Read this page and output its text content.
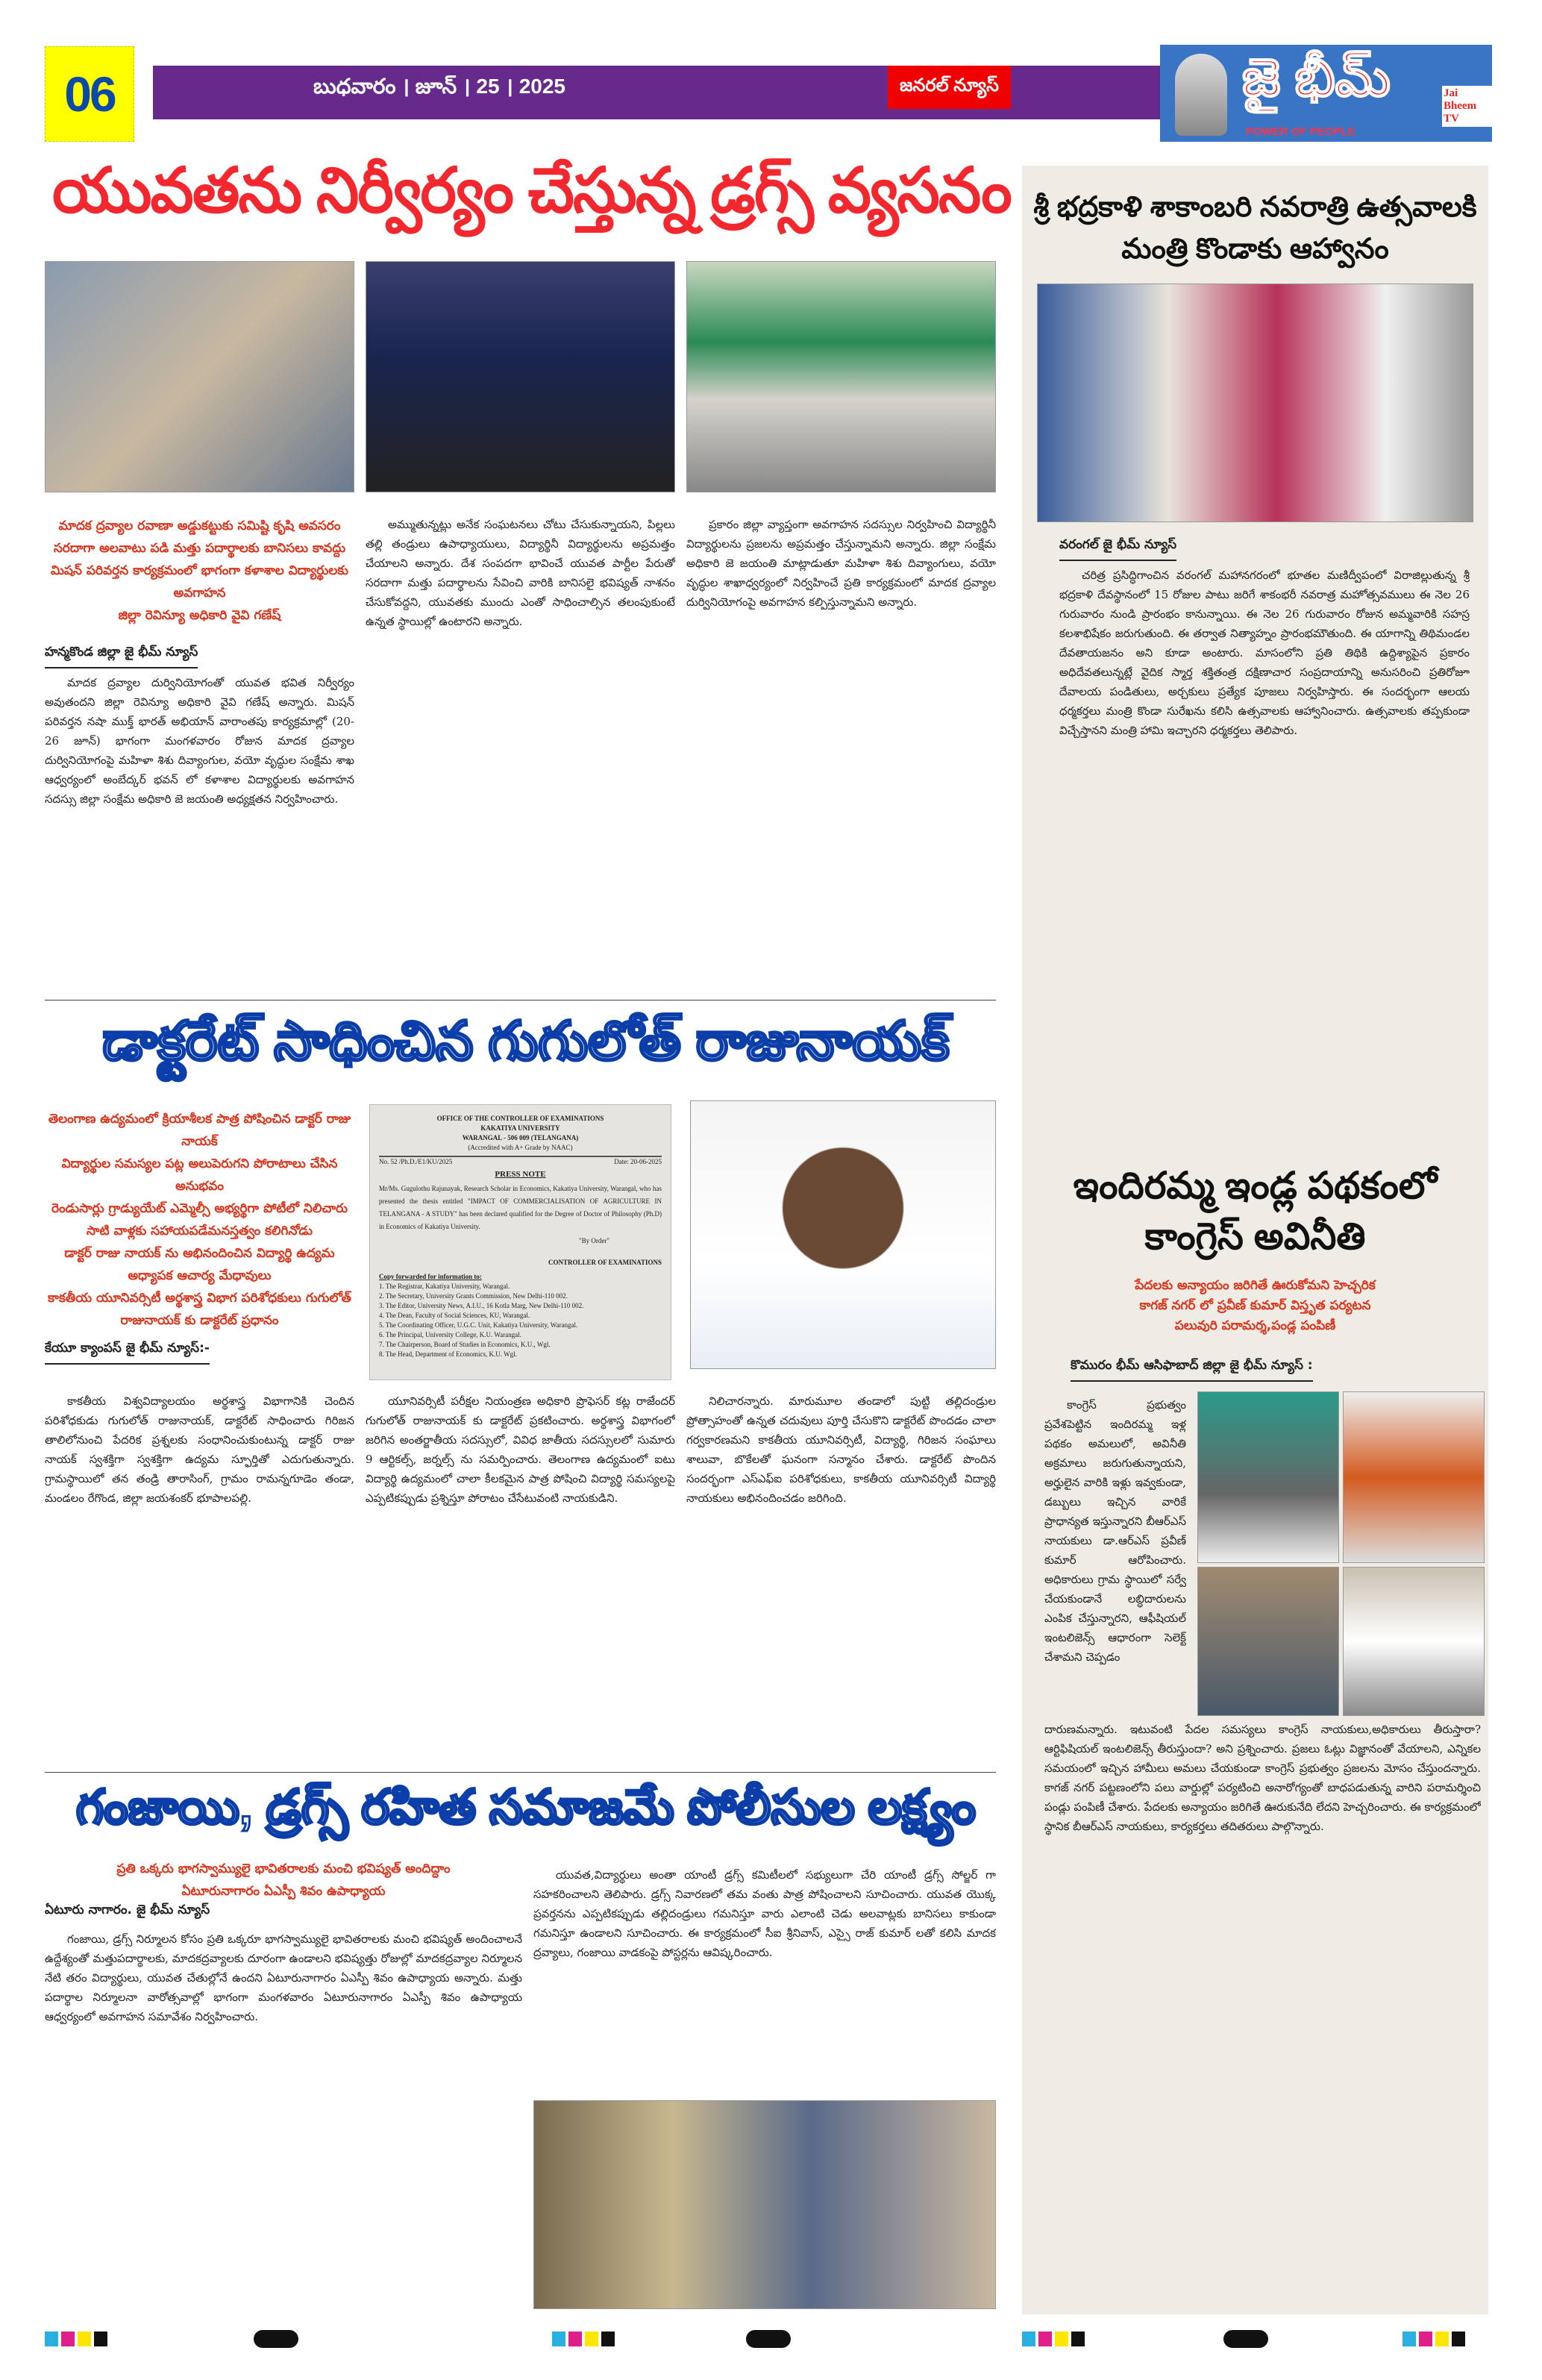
06	బుధవారం । జూన్ । 25 । 2025	జనరల్ న్యూస్	జై భీమ్
POWER OF PEOPLE
Jai Bheem TV
యువతను నిర్వీర్యం చేస్తున్న డ్రగ్స్ వ్యసనం
మాదక ద్రవ్యాల రవాణా అడ్డుకట్టుకు సమిష్టి కృషి అవసరం
సరదాగా అలవాటు పడి మత్తు పదార్థాలకు బానిసలు కావద్దు
మిషన్ పరివర్తన కార్యక్రమంలో భాగంగా కళాశాల విద్యార్థులకు అవగాహన
జిల్లా రెవిన్యూ అధికారి వైవి గణేష్
హన్మకొండ జిల్లా జై భీమ్ న్యూస్
మాదక ద్రవ్యాల దుర్వినియోగంతో యువత భవిత నిర్వీర్యం అవుతందని జిల్లా రెవిన్యూ అధికారి వైవి గణేష్ అన్నారు. మిషన్ పరివర్తన నషా ముక్త్ భారత్ అభియాన్ వారాంతపు కార్యక్రమాల్లో (20-26 జూన్) భాగంగా మంగళవారం రోజున మాదక ద్రవ్యాల దుర్వినియోగంపై మహిళా శిశు దివ్యాంగుల, వయో వృద్ధుల సంక్షేమ శాఖ ఆధ్వర్యంలో అంబేద్కర్ భవన్ లో కళాశాల విద్యార్థులకు అవగాహన సదస్సు జిల్లా సంక్షేమ అధికారి జె జయంతి అధ్యక్షతన నిర్వహించారు.
అమ్ముతున్నట్లు అనేక సంఘటనలు చోటు చేసుకున్నాయని, పిల్లలు తల్లి తండ్రులు ఉపాధ్యాయులు, విద్యార్థినీ విద్యార్థులను అప్రమత్తం చేయాలని అన్నారు. దేశ సంపదగా భావించే యువత పార్టీల పేరుతో సరదాగా మత్తు పదార్థాలను సేవించి వారికి బానిసలై భవిష్యత్ నాశనం చేసుకోవద్దని, యువతకు ముందు ఎంతో సాధించాల్సిన తలంపుకుంటే ఉన్నత స్థాయిల్లో ఉంటారని అన్నారు.
ప్రకారం జిల్లా వ్యాప్తంగా అవగాహన సదస్సుల నిర్వహించి విద్యార్థినీ విద్యార్థులను ప్రజలను అప్రమత్తం చేస్తున్నామని అన్నారు. జిల్లా సంక్షేమ అధికారి జె జయంతి మాట్లాడుతూ మహిళా శిశు దివ్యాంగులు, వయో వృద్ధుల శాఖాధ్వర్యంలో నిర్వహించే ప్రతి కార్యక్రమంలో మాదక ద్రవ్యాల దుర్వినియోగంపై అవగాహన కల్పిస్తున్నామని అన్నారు.
డాక్టరేట్ సాధించిన గుగులోత్ రాజునాయక్
తెలంగాణ ఉద్యమంలో క్రియాశీలక పాత్ర పోషించిన డాక్టర్ రాజు నాయక్
విద్యార్థుల సమస్యల పట్ల అలుపెరుగని పోరాటాలు చేసిన అనుభవం
రెండుసార్లు గ్రాడ్యుయేట్ ఎమ్మెల్సీ అభ్యర్థిగా పోటీలో నిలిచారు
సాటి వాళ్లకు సహాయపడేమనస్తత్వం కలిగినోడు
డాక్టర్ రాజు నాయక్ ను అభినందించిన విద్యార్థి ఉద్యమ అధ్యాపక ఆచార్య మేధావులు
కాకతీయ యూనివర్సిటీ అర్థశాస్త్ర విభాగ పరిశోధకులు గుగులోత్ రాజునాయక్ కు డాక్టరేట్ ప్రధానం
కేయూ క్యాంపస్ జై భీమ్ న్యూస్:-
OFFICE OF THE CONTROLLER OF EXAMINATIONS
KAKATIYA UNIVERSITY
WARANGAL - 506 009 (TELANGANA)
(Accredited with A+ Grade by NAAC)
No. 52 /Ph.D./E1/KU/2025	Date: 20-06-2025
PRESS NOTE
Mr/Ms. Gugulothu Rajunayak, Research Scholar in Economics, Kakatiya University, Warangal, who has presented the thesis entitled "IMPACT OF COMMERCIALISATION OF AGRICULTURE IN TELANGANA - A STUDY" has been declared qualified for the Degree of Doctor of Philosophy (Ph.D) in Economics of Kakatiya University.
"By Order"
CONTROLLER OF EXAMINATIONS
Copy forwarded for information to:
1. The Registrar, Kakatiya University, Warangal.
2. The Secretary, University Grants Commission, New Delhi-110 002.
3. The Editor, University News, A.I.U., 16 Kotla Marg, New Delhi-110 002.
4. The Dean, Faculty of Social Sciences, KU, Warangal.
5. The Coordinating Officer, U.G.C. Unit, Kakatiya University, Warangal.
6. The Principal, University College, K.U. Warangal.
7. The Chairperson, Board of Studies in Economics, K.U., Wgl.
8. The Head, Department of Economics, K.U. Wgl.
కాకతీయ విశ్వవిద్యాలయం అర్థశాస్త్ర విభాగానికి చెందిన పరిశోధకుడు గుగులోత్ రాజునాయక్, డాక్టరేట్ సాధించారు గిరిజన తాలిలోనుంచి పేదరిక ప్రశ్నలకు సంధానించుకుంటున్న డాక్టర్ రాజు నాయక్ స్వశక్తిగా స్వశక్తిగా ఉద్యమ స్ఫూర్తితో ఎదుగుతున్నారు. గ్రామస్థాయిలో తన తండ్రి తారాసింగ్, గ్రామం రామన్నగూడెం తండా, మండలం రేగొండ, జిల్లా జయశంకర్ భూపాలపల్లి.
యూనివర్సిటీ పరీక్షల నియంత్రణ అధికారి ప్రొఫెసర్ కట్ల రాజేందర్ గుగులోత్ రాజునాయక్ కు డాక్టరేట్ ప్రకటించారు. అర్థశాస్త్ర విభాగంలో జరిగిన అంతర్జాతీయ సదస్సులో, వివిధ జాతీయ సదస్సులలో సుమారు 9 ఆర్టికల్స్, జర్నల్స్ ను సమర్పించారు. తెలంగాణ ఉద్యమంలో ఐటు విద్యార్థి ఉద్యమంలో చాలా కీలకమైన పాత్ర పోషించి విద్యార్థి సమస్యలపై ఎప్పటికప్పుడు ప్రశ్నిస్తూ పోరాటం చేసేటువంటి నాయకుడిని.
నిలిచారన్నారు. మారుమూల తండాలో పుట్టి తల్లిదండ్రుల ప్రోత్సాహంతో ఉన్నత చదువులు పూర్తి చేసుకొని డాక్టరేట్ పొందడం చాలా గర్వకారణమని కాకతీయ యూనివర్సిటీ, విద్యార్థి, గిరిజన సంఘాలు శాలువా, బొకేలతో ఘనంగా సన్మానం చేశారు. డాక్టరేట్ పొందిన సందర్భంగా ఎస్ఎఫ్ఐ పరిశోధకులు, కాకతీయ యూనివర్సిటీ విద్యార్థి నాయకులు అభినందించడం జరిగింది.
గంజాయి, డ్రగ్స్ రహిత సమాజమే పోలీసుల లక్ష్యం
ప్రతి ఒక్కరు భాగస్వామ్యులై భావితరాలకు మంచి భవిష్యత్ అందిద్దాం
ఏటూరునాగారం ఏఎస్పీ శివం ఉపాధ్యాయ
ఏటూరు నాగారం. జై భీమ్ న్యూస్
గంజాయి, డ్రగ్స్ నిర్మూలన కోసం ప్రతి ఒక్కరూ భాగస్వామ్యులై భావితరాలకు మంచి భవిష్యత్ అందించాలనే ఉద్దేశ్యంతో మత్తుపదార్థాలకు, మాదకద్రవ్యాలకు దూరంగా ఉండాలని భవిష్యత్తు రోజుల్లో మాదకద్రవ్యాల నిర్మూలన నేటి తరం విద్యార్థులు, యువత చేతుల్లోనే ఉందని ఏటూరునాగారం ఏఎస్పీ శివం ఉపాధ్యాయ అన్నారు. మత్తు పదార్థాల నిర్మూలనా వారోత్సవాల్లో భాగంగా మంగళవారం ఏటూరునాగారం ఏఎస్పీ శివం ఉపాధ్యాయ ఆధ్వర్యంలో అవగాహన సమావేశం నిర్వహించారు.
యువత,విద్యార్థులు అంతా యాంటీ డ్రగ్స్ కమిటీలలో సభ్యులుగా చేరి యాంటీ డ్రగ్స్ సోల్జర్ గా సహకరించాలని తెలిపారు. డ్రగ్స్ నివారణలో తమ వంతు పాత్ర పోషించాలని సూచించారు. యువత యొక్క ప్రవర్తనను ఎప్పటికప్పుడు తల్లిదండ్రులు గమనిస్తూ వారు ఎలాంటి చెడు అలవాట్లకు బానిసలు కాకుండా గమనిస్తూ ఉండాలని సూచించారు. ఈ కార్యక్రమంలో సీఐ శ్రీనివాస్, ఎస్సై రాజ్ కుమార్ లతో కలిసి మాదక ద్రవ్యాలు, గంజాయి వాడకంపై పోస్టర్లను ఆవిష్కరించారు.
శ్రీ భద్రకాళి శాకాంబరి నవరాత్రి ఉత్సవాలకి మంత్రి కొండాకు ఆహ్వానం
వరంగల్ జై భీమ్ న్యూస్
చరిత్ర ప్రసిద్ధిగాంచిన వరంగల్ మహానగరంలో భూతల మణిద్వీపంలో విరాజిల్లుతున్న శ్రీ భద్రకాళి దేవస్థానంలో 15 రోజుల పాటు జరిగే శాకంభరీ నవరాత్ర మహోత్సవములు ఈ నెల 26 గురువారం నుండి ప్రారంభం కానున్నాయి. ఈ నెల 26 గురువారం రోజున అమ్మవారికి సహస్ర కలశాభిషేకం జరుగుతుంది. ఈ తర్వాత నిత్యాహ్నం ప్రారంభమౌతుంది. ఈ యాగాన్ని తిథిమండల దేవతాయజనం అని కూడా అంటారు. మాసంలోని ప్రతి తిథికి ఉద్దిశ్యాపైన ప్రకారం అధిదేవతలున్నట్లే వైదిక స్మార్త శక్తితంత్ర దక్షిణాచార సంప్రదాయాన్ని అనుసరించి ప్రతిరోజూ దేవాలయ పండితులు, అర్చకులు ప్రత్యేక పూజలు నిర్వహిస్తారు. ఈ సందర్భంగా ఆలయ ధర్మకర్తలు మంత్రి కొండా సురేఖను కలిసి ఉత్సవాలకు ఆహ్వానించారు. ఉత్సవాలకు తప్పకుండా విచ్చేస్తానని మంత్రి హామి ఇచ్చారని ధర్మకర్తలు తెలిపారు.
ఇందిరమ్మ ఇండ్ల పథకంలో కాంగ్రెస్ అవినీతి
పేదలకు అన్యాయం జరిగితే ఊరుకోమని హెచ్చరిక
కాగజ్ నగర్ లో ప్రవీణ్ కుమార్ విస్తృత పర్యటన
పలువురి పరామర్శ,పండ్ల పంపిణీ
కొమురం భీమ్ ఆసిఫాబాద్ జిల్లా జై భీమ్ న్యూస్ :
కాంగ్రెస్ ప్రభుత్వం ప్రవేశపెట్టిన ఇందిరమ్మ ఇళ్ల పథకం అమలులో, అవినీతి అక్రమాలు జరుగుతున్నాయని, అర్హులైన వారికి ఇళ్లు ఇవ్వకుండా, డబ్బులు ఇచ్చిన వారికే ప్రాధాన్యత ఇస్తున్నారని బీఆర్ఎస్ నాయకులు డా.ఆర్ఎస్ ప్రవీణ్ కుమార్ ఆరోపించారు. అధికారులు గ్రామ స్థాయిలో సర్వే చేయకుండానే లబ్ధిదారులను ఎంపిక చేస్తున్నారని, ఆఫీషియల్ ఇంటలిజెన్స్ ఆధారంగా సెలెక్ట్ చేశామని చెప్పడం
దారుణమన్నారు. ఇటువంటి పేదల సమస్యలు కాంగ్రెస్ నాయకులు,అధికారులు తీరుస్తారా? ఆర్టిఫిషియల్ ఇంటలిజెన్స్ తీరుస్తుందా? అని ప్రశ్నించారు. ప్రజలు ఓట్లు విజ్ఞానంతో వేయాలని, ఎన్నికల సమయంలో ఇచ్చిన హామీలు అమలు చేయకుండా కాంగ్రెస్ ప్రభుత్వం ప్రజలను మోసం చేస్తుందన్నారు. కాగజ్ నగర్ పట్టణంలోని పలు వార్డుల్లో పర్యటించి అనారోగ్యంతో బాధపడుతున్న వారిని పరామర్శించి పండ్లు పంపిణీ చేశారు. పేదలకు అన్యాయం జరిగితే ఊరుకునేది లేదని హెచ్చరించారు. ఈ కార్యక్రమంలో స్థానిక బీఆర్ఎస్ నాయకులు, కార్యకర్తలు తదితరులు పాల్గొన్నారు.
